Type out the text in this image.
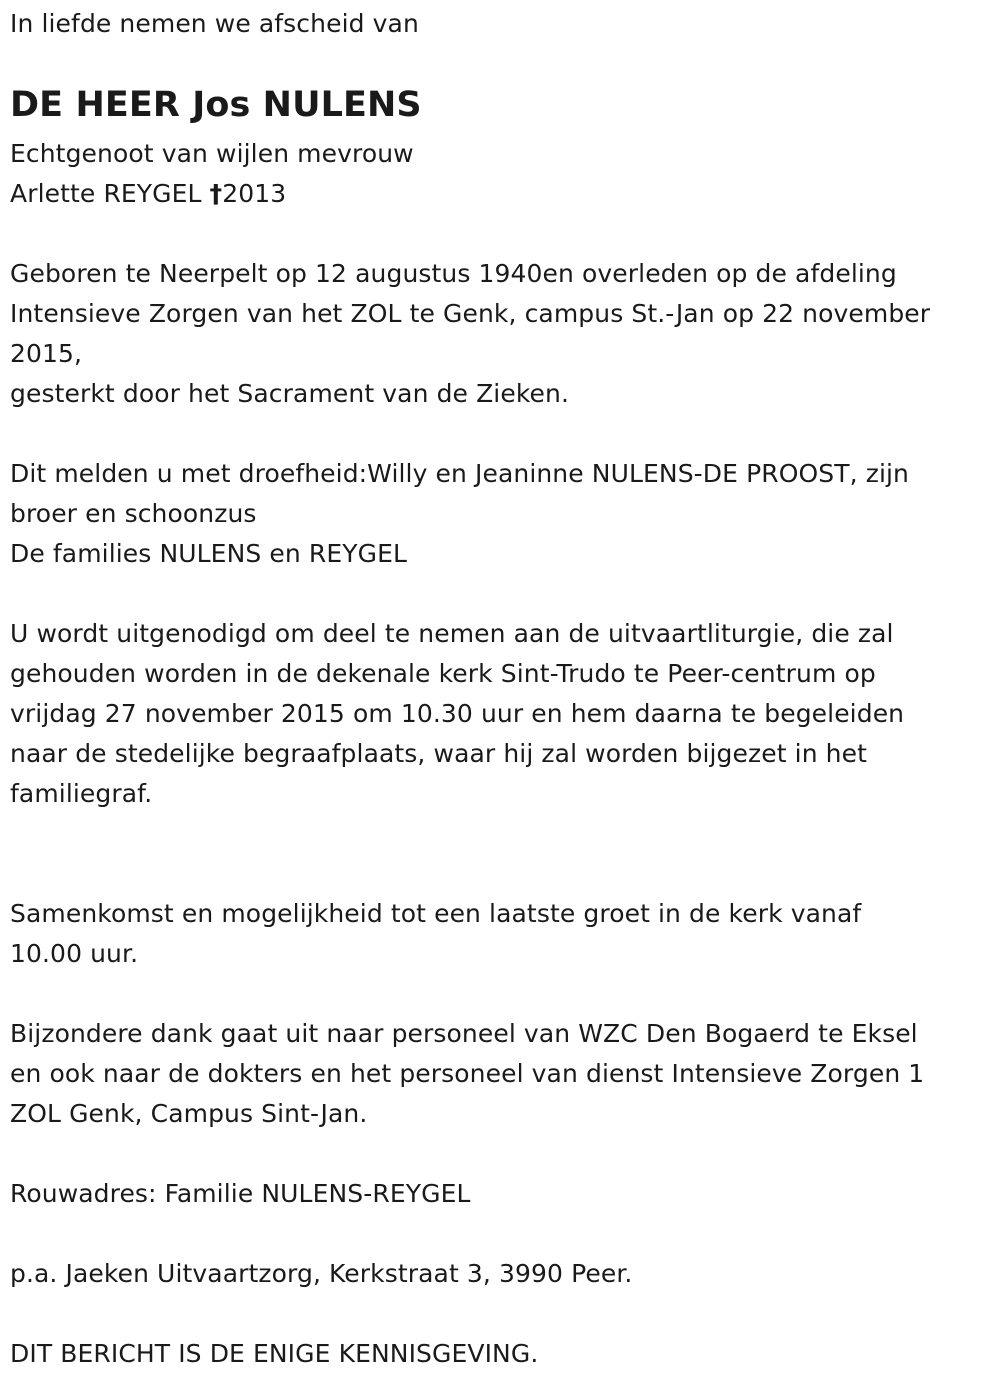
In liefde nemen we afscheid van
DE HEER Jos NULENS
Echtgenoot van wijlen mevrouw
Arlette REYGEL †2013
Geboren te Neerpelt op 12 augustus 1940en overleden op de afdeling
Intensieve Zorgen van het ZOL te Genk, campus St.-Jan op 22 november
2015,
gesterkt door het Sacrament van de Zieken.
Dit melden u met droefheid:Willy en Jeaninne NULENS-DE PROOST, zijn
broer en schoonzus
De families NULENS en REYGEL
U wordt uitgenodigd om deel te nemen aan de uitvaartliturgie, die zal
gehouden worden in de dekenale kerk Sint-Trudo te Peer-centrum op
vrijdag 27 november 2015 om 10.30 uur en hem daarna te begeleiden
naar de stedelijke begraafplaats, waar hij zal worden bijgezet in het
familiegraf.
Samenkomst en mogelijkheid tot een laatste groet in de kerk vanaf
10.00 uur.
Bijzondere dank gaat uit naar personeel van WZC Den Bogaerd te Eksel
en ook naar de dokters en het personeel van dienst Intensieve Zorgen 1
ZOL Genk, Campus Sint-Jan.
Rouwadres: Familie NULENS-REYGEL
p.a. Jaeken Uitvaartzorg, Kerkstraat 3, 3990 Peer.
DIT BERICHT IS DE ENIGE KENNISGEVING.
